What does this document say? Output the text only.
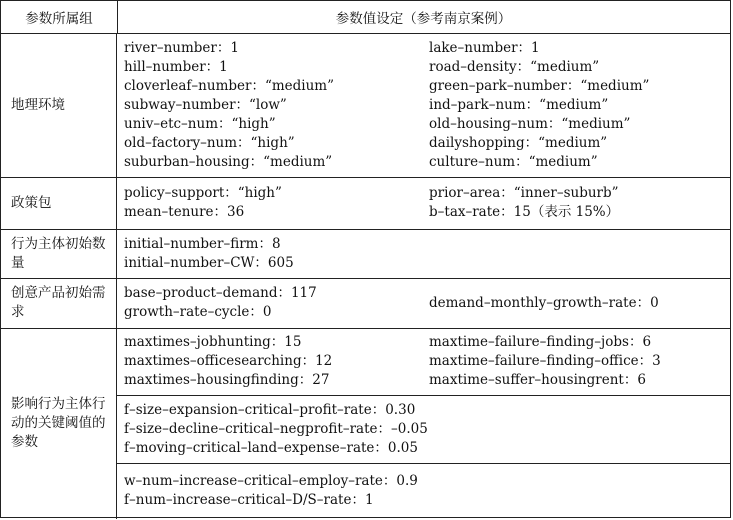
参数所属组	参数值设定（参考南京案例）
地理环境
river–number：1
hill–number：1
cloverleaf–number：“medium”
subway–number：“low”
univ–etc–num：“high”
old–factory–num：“high”
suburban–housing：“medium”
lake–number：1
road–density：“medium”
green–park–number：“medium”
ind–park–num：“medium”
old–housing–num：“medium”
dailyshopping：“medium”
culture–num：“medium”
政策包
policy–support：“high”
mean–tenure：36
prior–area：“inner–suburb”
b–tax–rate：15（表示 15%）
行为主体初始数量
initial–number–firm：8
initial–number–CW：605
创意产品初始需求
base–product–demand：117
growth–rate–cycle：0
demand–monthly–growth–rate：0
影响行为主体行动的关键阈值的参数
maxtimes–jobhunting：15
maxtimes–officesearching：12
maxtimes–housingfinding：27
maxtime–failure–finding–jobs：6
maxtime–failure–finding–office：3
maxtime–suffer–housingrent：6
f–size–expansion–critical–profit–rate：0.30
f–size–decline–critical–negprofit–rate：–0.05
f–moving–critical–land–expense–rate：0.05
w–num–increase–critical–employ–rate：0.9
f–num–increase–critical–D/S–rate：1
